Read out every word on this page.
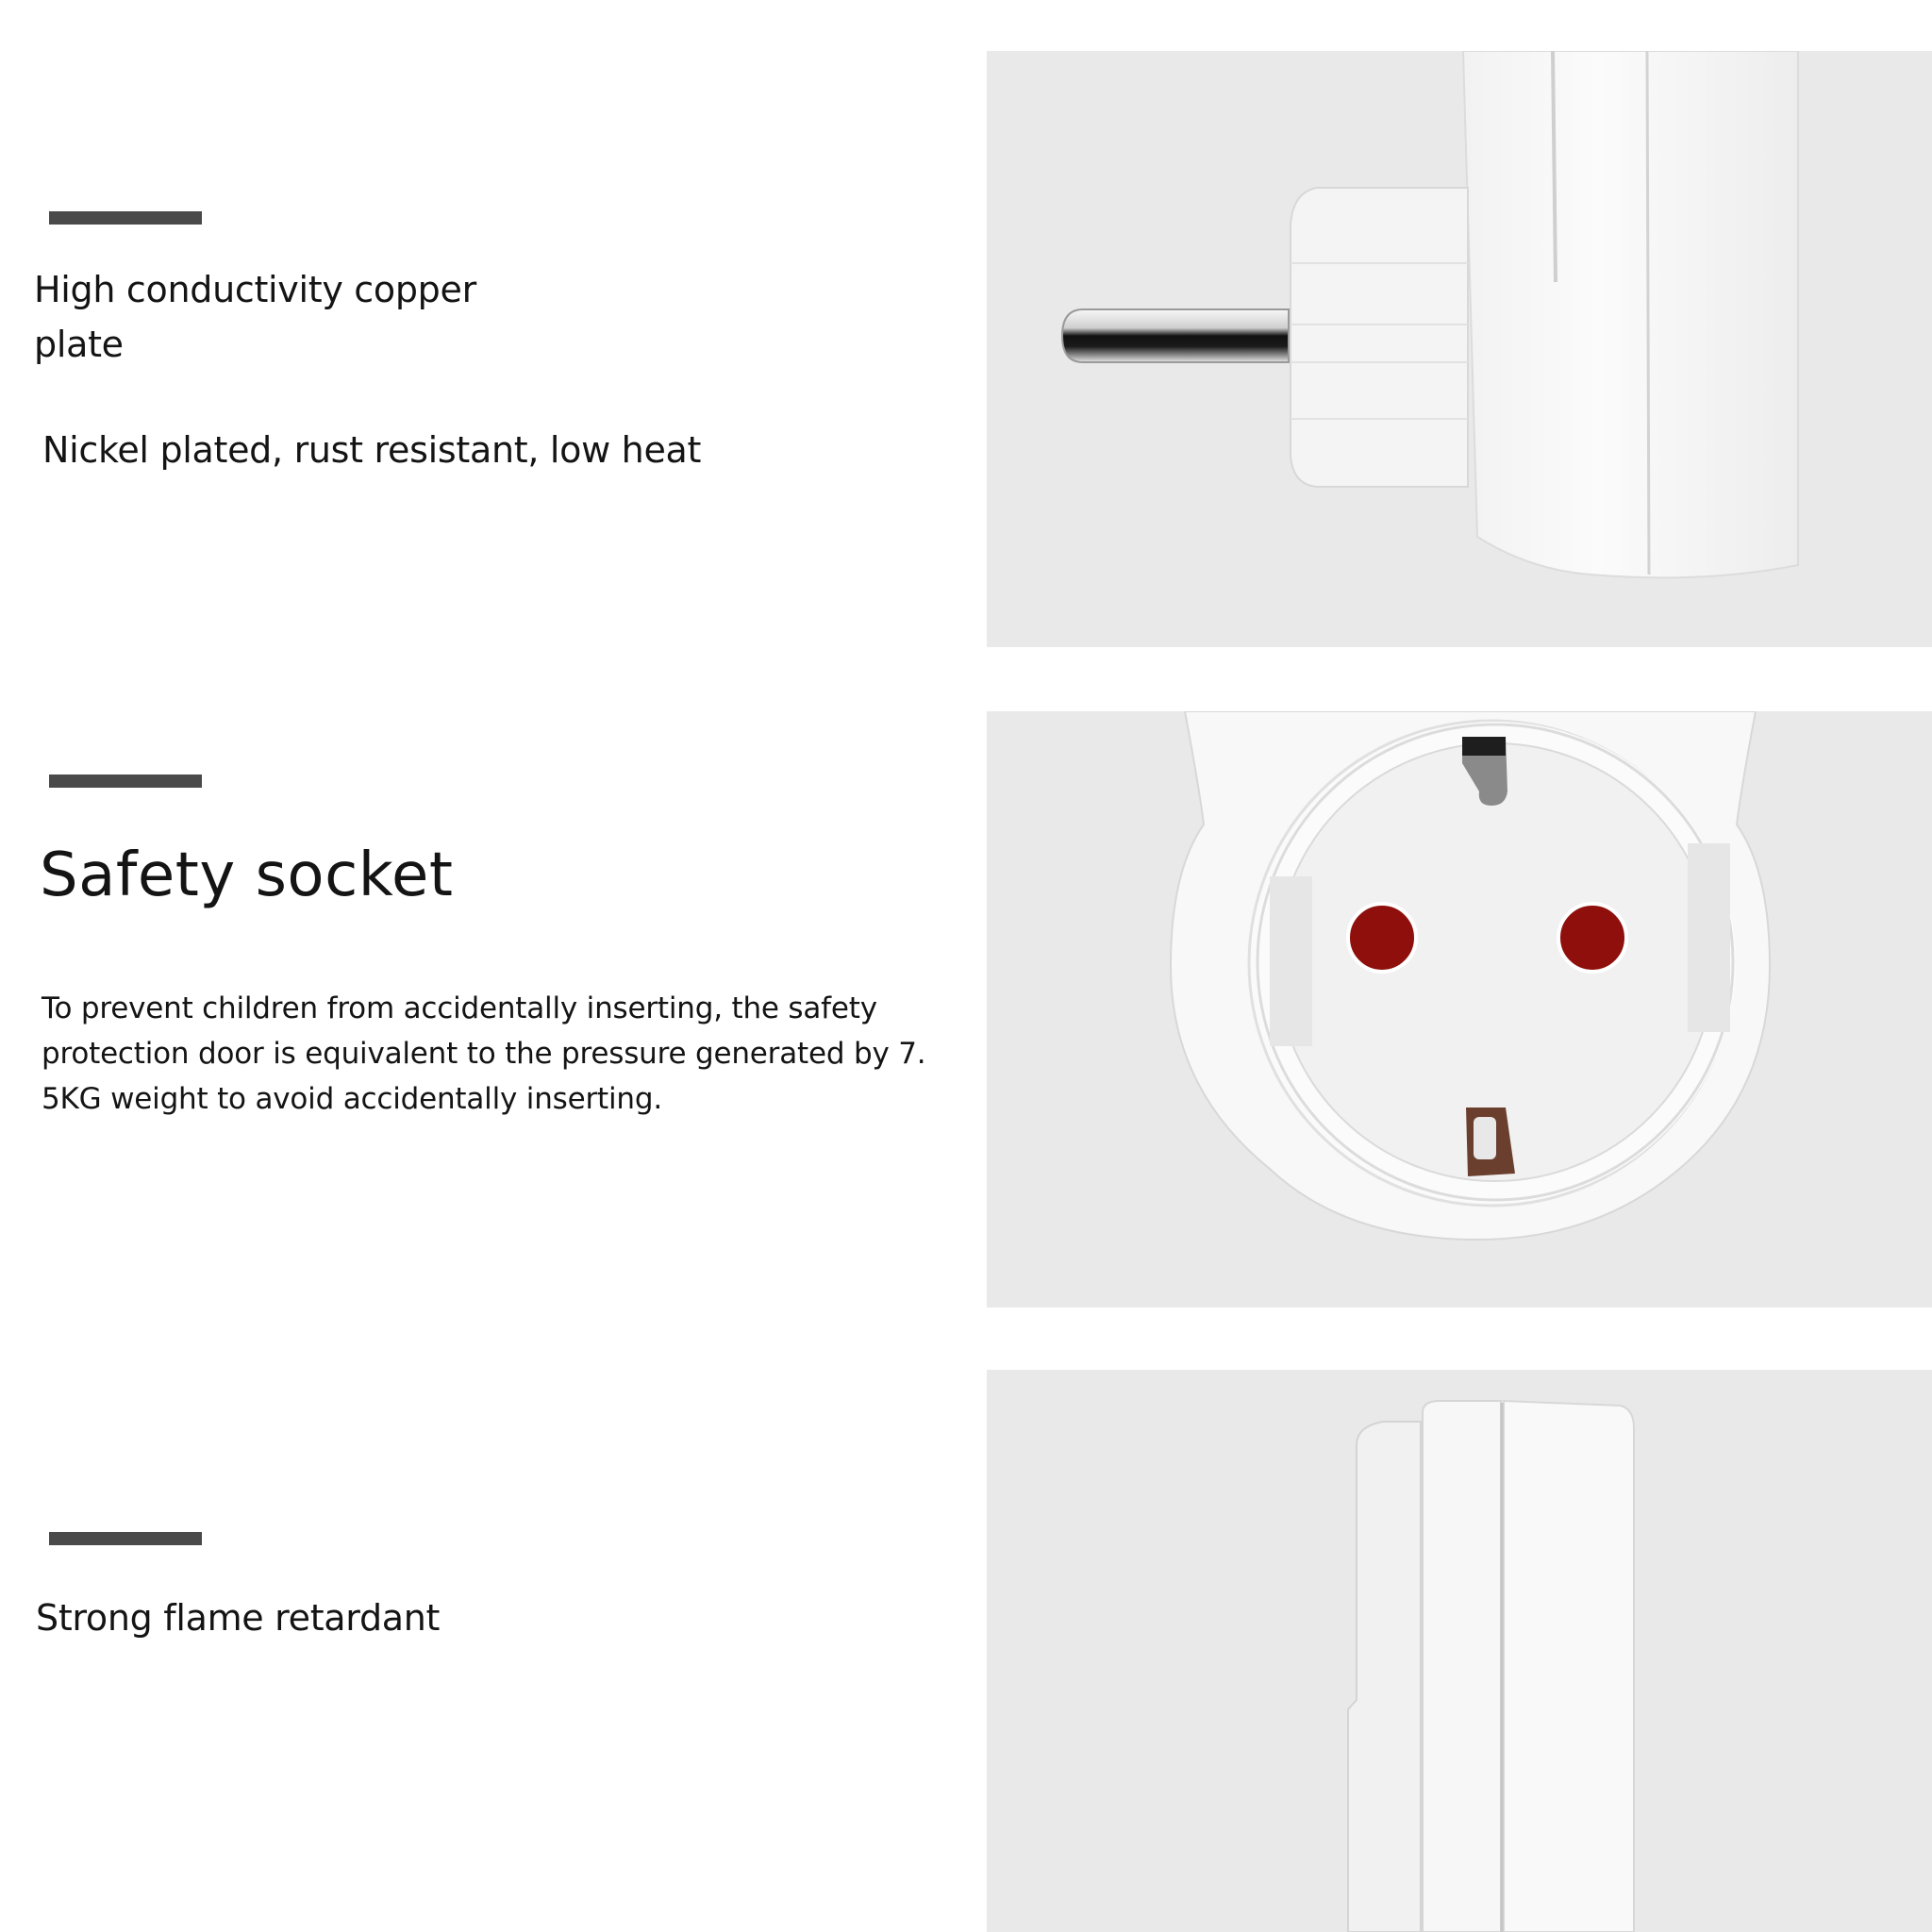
High conductivity copper plate

Nickel plated, rust resistant, low heat

Safety socket

To prevent children from accidentally inserting, the safety protection door is equivalent to the pressure generated by 7. 5KG weight to avoid accidentally inserting.

Strong flame retardant
